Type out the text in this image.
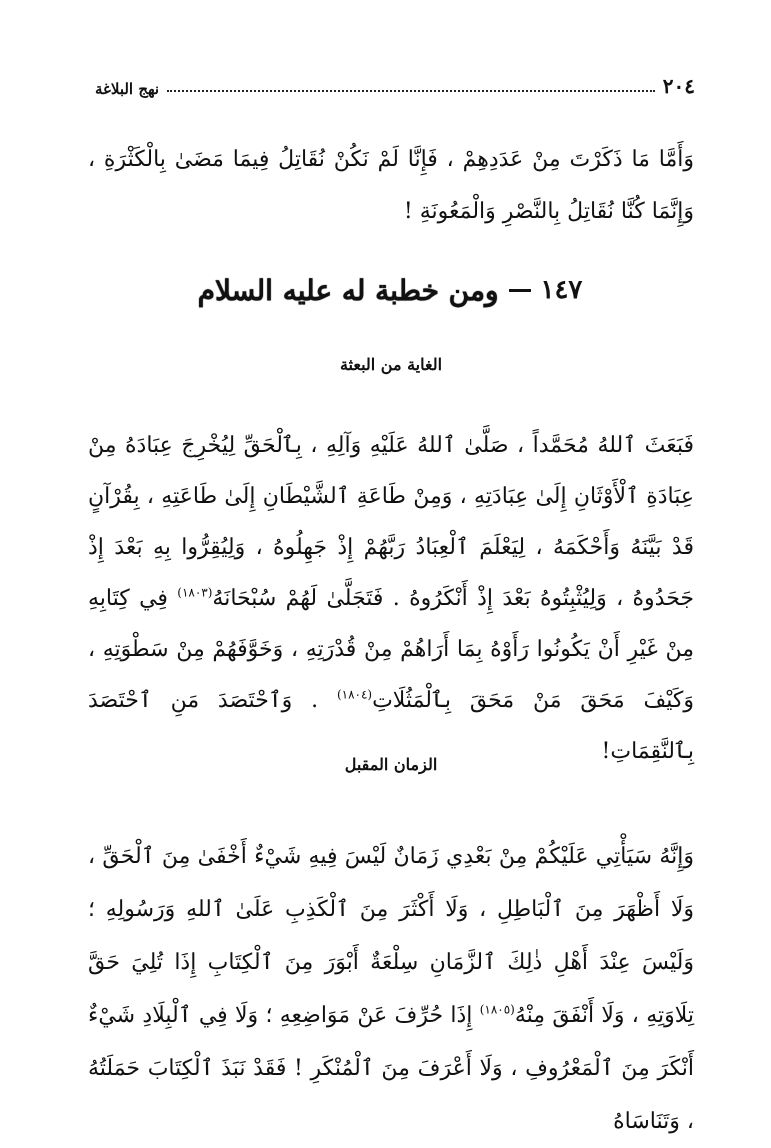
٢٠٤
نهج البلاغة

وَأَمَّا مَا ذَكَرْتَ مِنْ عَدَدِهِمْ ، فَإِنَّا لَمْ نَكُنْ نُقَاتِلُ فِيمَا مَضَىٰ بِالْكَثْرَةِ ، وَإِنَّمَا كُنَّا نُقَاتِلُ بِالنَّصْرِ وَالْمَعُونَةِ !

١٤٧
ومن خطبة له عليه السلام
الغاية من البعثة

فَبَعَثَ ٱللهُ مُحَمَّداً ، صَلَّىٰ ٱللهُ عَلَيْهِ وَآلِهِ ، بِٱلْحَقِّ لِيُخْرِجَ عِبَادَهُ مِنْ عِبَادَةِ ٱلْأَوْثَانِ إِلَىٰ عِبَادَتِهِ ، وَمِنْ طَاعَةِ ٱلشَّيْطَانِ إِلَىٰ طَاعَتِهِ ، بِقُرْآنٍ قَدْ بَيَّنَهُ وَأَحْكَمَهُ ، لِيَعْلَمَ ٱلْعِبَادُ رَبَّهُمْ إِذْ جَهِلُوهُ ، وَلِيُقِرُّوا بِهِ بَعْدَ إِذْ جَحَدُوهُ ، وَلِيُثْبِتُوهُ بَعْدَ إِذْ أَنْكَرُوهُ . فَتَجَلَّىٰ لَهُمْ سُبْحَانَهُ$^{(١٨٠٣)}$ فِي كِتَابِهِ مِنْ غَيْرِ أَنْ يَكُونُوا رَأَوْهُ بِمَا أَرَاهُمْ مِنْ قُدْرَتِهِ ، وَخَوَّفَهُمْ مِنْ سَطْوَتِهِ ، وَكَيْفَ مَحَقَ مَنْ مَحَقَ بِٱلْمَثُلَاتِ$^{(١٨٠٤)}$ . وَٱحْتَصَدَ مَنِ ٱحْتَصَدَ بِٱلنَّقِمَاتِ!

الزمان المقبل

وَإِنَّهُ سَيَأْتِي عَلَيْكُمْ مِنْ بَعْدِي زَمَانٌ لَيْسَ فِيهِ شَيْءٌ أَخْفَىٰ مِنَ ٱلْحَقِّ ، وَلَا أَظْهَرَ مِنَ ٱلْبَاطِلِ ، وَلَا أَكْثَرَ مِنَ ٱلْكَذِبِ عَلَىٰ ٱللهِ وَرَسُولِهِ ؛ وَلَيْسَ عِنْدَ أَهْلِ ذٰلِكَ ٱلزَّمَانِ سِلْعَةٌ أَبْوَرَ مِنَ ٱلْكِتَابِ إِذَا تُلِيَ حَقَّ تِلَاوَتِهِ ، وَلَا أَنْفَقَ مِنْهُ$^{(١٨٠٥)}$ إِذَا حُرِّفَ عَنْ مَوَاضِعِهِ ؛ وَلَا فِي ٱلْبِلَادِ شَيْءٌ أَنْكَرَ مِنَ ٱلْمَعْرُوفِ ، وَلَا أَعْرَفَ مِنَ ٱلْمُنْكَرِ ! فَقَدْ نَبَذَ ٱلْكِتَابَ حَمَلَتُهُ ، وَتَنَاسَاهُ
